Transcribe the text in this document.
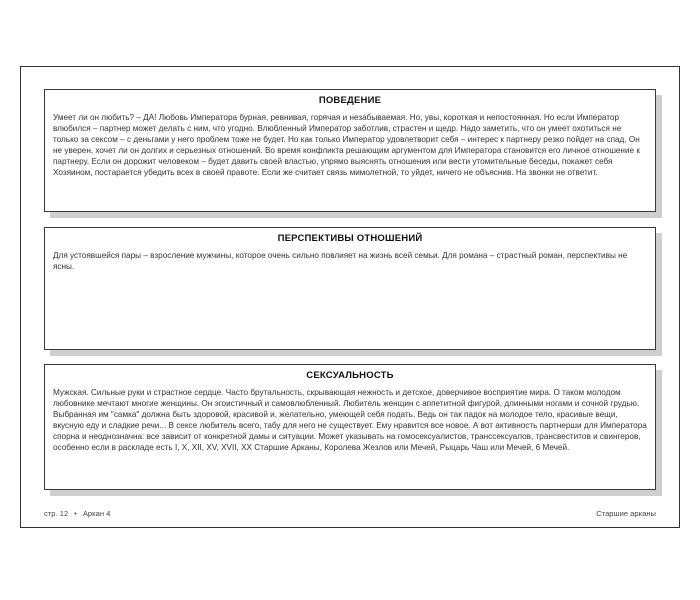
ПОВЕДЕНИЕ

Умеет ли он любить? – ДА! Любовь Императора бурная, ревнивая, горячая и незабываемая. Но, увы, короткая и непостоянная. Но если Император влюбился – партнер может делать с ним, что угодно. Влюбленный Император заботлив, страстен и щедр. Надо заметить, что он умеет охотиться не только за сексом – с деньгами у него проблем тоже не будет. Но как только Император удовлетворит себя – интерес к партнеру резко пойдет на спад. Он не уверен, хочет ли он долгих и серьезных отношений. Во время конфликта решающим аргументом для Императора становится его личное отношение к партнеру. Если он дорожит человеком – будет давить своей властью, упрямо выяснять отношения или вести утомительные беседы, покажет себя Хозяином, постарается убедить всех в своей правоте. Если же считает связь мимолетной, то уйдет, ничего не объяснив. На звонки не ответит.

ПЕРСПЕКТИВЫ ОТНОШЕНИЙ

Для устоявшейся пары – взросление мужчины, которое очень сильно повлияет на жизнь всей семьи. Для романа – страстный роман, перспективы не ясны.

СЕКСУАЛЬНОСТЬ

Мужская. Сильные руки и страстное сердце. Часто брутальность, скрывающая нежность и детское, доверчивое восприятие мира. О таком молодом любовнике мечтают многие женщины. Он эгоистичный и самовлюбленный. Любитель женщин с аппетитной фигурой, длинными ногами и сочной грудью. Выбранная им "самка" должна быть здоровой, красивой и, желательно, умеющей себя подать. Ведь он так падок на молодое тело, красивые вещи, вкусную еду и сладкие речи... В сексе любитель всего, табу для него не существует. Ему нравится все новое. А вот активность партнерши для Императора спорна и неоднозначна: все зависит от конкретной дамы и ситуации. Может указывать на гомосексуалистов, транссексуалов, трансвеститов и свингеров, особенно если в раскладе есть I, X, XII, XV, XVII, XX Старшие Арканы, Королева Жезлов или Мечей, Рыцарь Чаш или Мечей, 6 Мечей.

стр. 12 • Аркан 4	Старшие арканы
